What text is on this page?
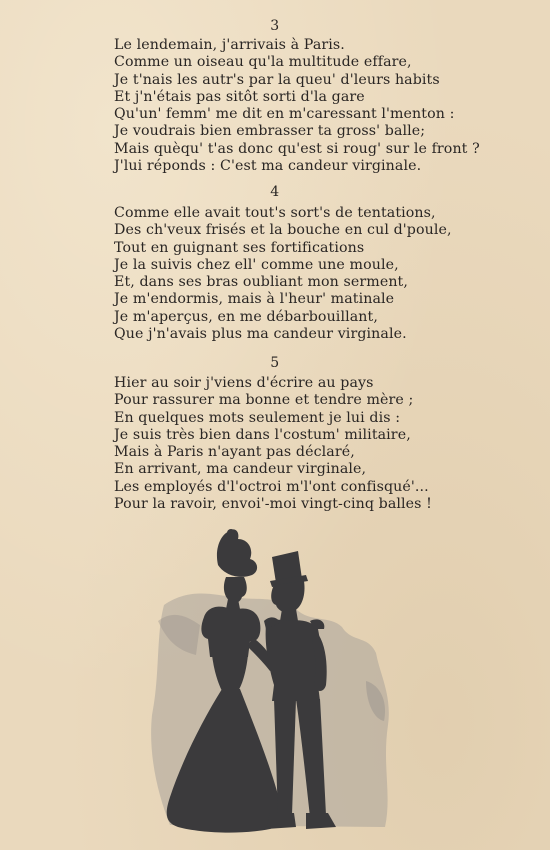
3
Le lendemain, j'arrivais à Paris.
Comme un oiseau qu'la multitude effare,
Je t'nais les autr's par la queu' d'leurs habits
Et j'n'étais pas sitôt sorti d'la gare
Qu'un' femm' me dit en m'caressant l'menton :
Je voudrais bien embrasser ta gross' balle;
Mais quèqu' t'as donc qu'est si roug' sur le front ?
J'lui réponds : C'est ma candeur virginale.
4
Comme elle avait tout's sort's de tentations,
Des ch'veux frisés et la bouche en cul d'poule,
Tout en guignant ses fortifications
Je la suivis chez ell' comme une moule,
Et, dans ses bras oubliant mon serment,
Je m'endormis, mais à l'heur' matinale
Je m'aperçus, en me débarbouillant,
Que j'n'avais plus ma candeur virginale.
5
Hier au soir j'viens d'écrire au pays
Pour rassurer ma bonne et tendre mère ;
En quelques mots seulement je lui dis :
Je suis très bien dans l'costum' militaire,
Mais à Paris n'ayant pas déclaré,
En arrivant, ma candeur virginale,
Les employés d'l'octroi m'l'ont confisqué'...
Pour la ravoir, envoi'-moi vingt-cinq balles !
